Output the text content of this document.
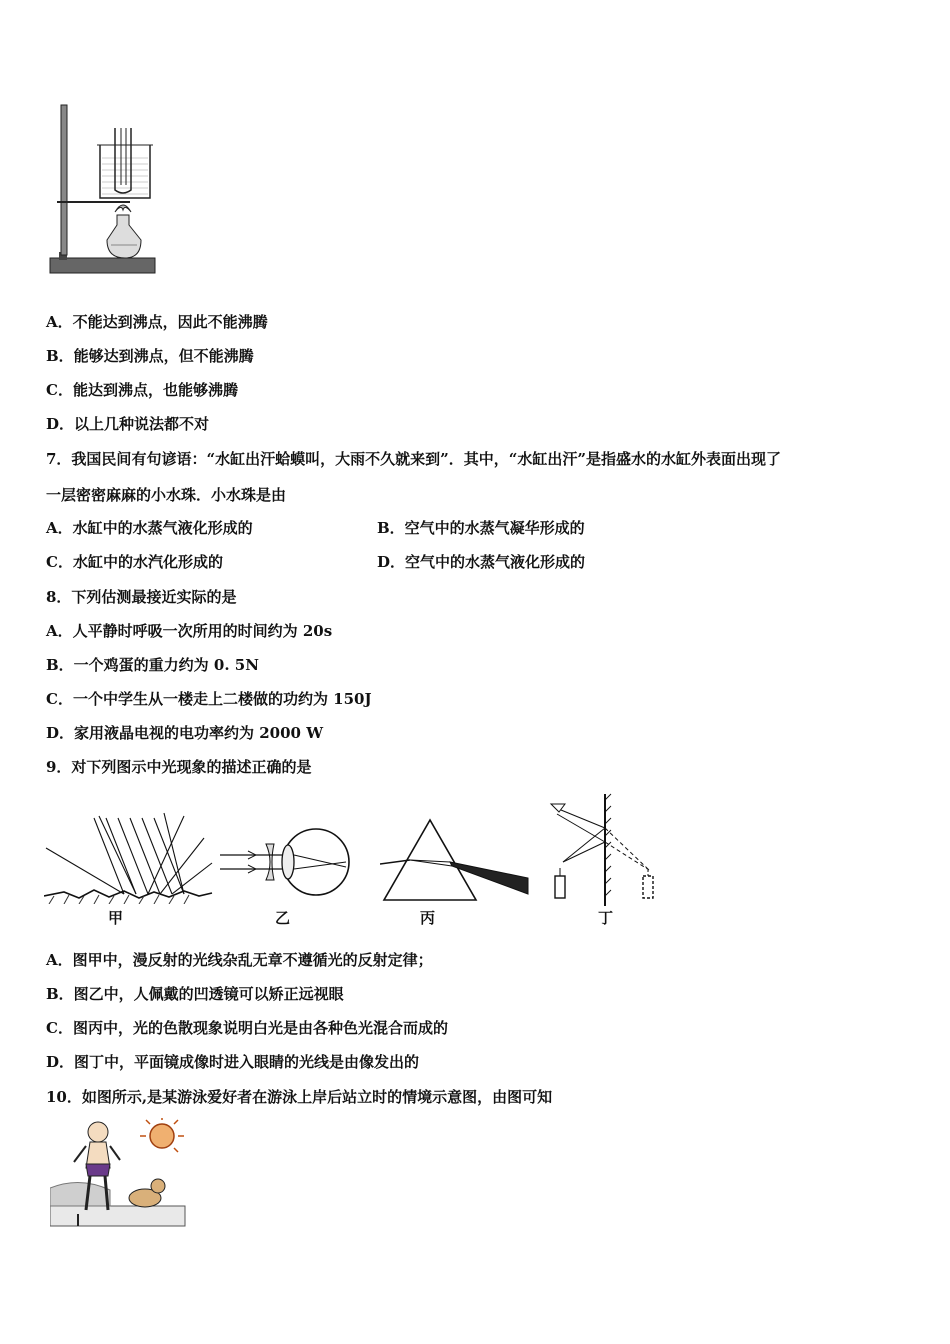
A．不能达到沸点，因此不能沸腾
B．能够达到沸点，但不能沸腾
C．能达到沸点，也能够沸腾
D．以上几种说法都不对
7．我国民间有句谚语：“水缸出汗蛤蟆叫，大雨不久就来到”．其中，“水缸出汗”是指盛水的水缸外表面出现了
一层密密麻麻的小水珠．小水珠是由
A．水缸中的水蒸气液化形成的	B．空气中的水蒸气凝华形成的
C．水缸中的水汽化形成的	D．空气中的水蒸气液化形成的
8．下列估测最接近实际的是
A．人平静时呼吸一次所用的时间约为 20s
B．一个鸡蛋的重力约为 0. 5N
C．一个中学生从一楼走上二楼做的功约为 150J
D．家用液晶电视的电功率约为 2000 W
9．对下列图示中光现象的描述正确的是
甲	乙	丙	丁
A．图甲中，漫反射的光线杂乱无章不遵循光的反射定律；
B．图乙中，人佩戴的凹透镜可以矫正远视眼
C．图丙中，光的色散现象说明白光是由各种色光混合而成的
D．图丁中，平面镜成像时进入眼睛的光线是由像发出的
10．如图所示,是某游泳爱好者在游泳上岸后站立时的情境示意图，由图可知
